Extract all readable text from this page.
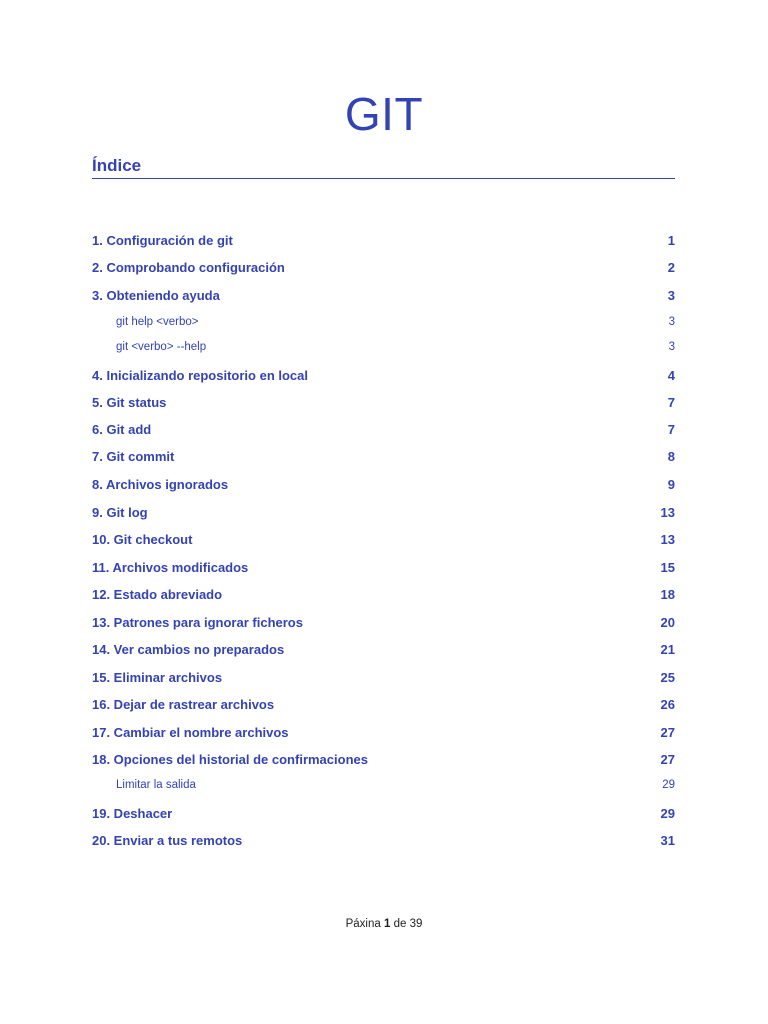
GIT
Índice
1. Configuración de git	1
2. Comprobando configuración	2
3. Obteniendo ayuda	3
git help <verbo>	3
git <verbo> --help	3
4. Inicializando repositorio en local	4
5. Git status	7
6. Git add	7
7. Git commit	8
8. Archivos ignorados	9
9. Git log	13
10. Git checkout	13
11. Archivos modificados	15
12. Estado abreviado	18
13. Patrones para ignorar ficheros	20
14. Ver cambios no preparados	21
15. Eliminar archivos	25
16. Dejar de rastrear archivos	26
17. Cambiar el nombre archivos	27
18. Opciones del historial de confirmaciones	27
Limitar la salida	29
19. Deshacer	29
20. Enviar a tus remotos	31
Páxina 1 de 39
